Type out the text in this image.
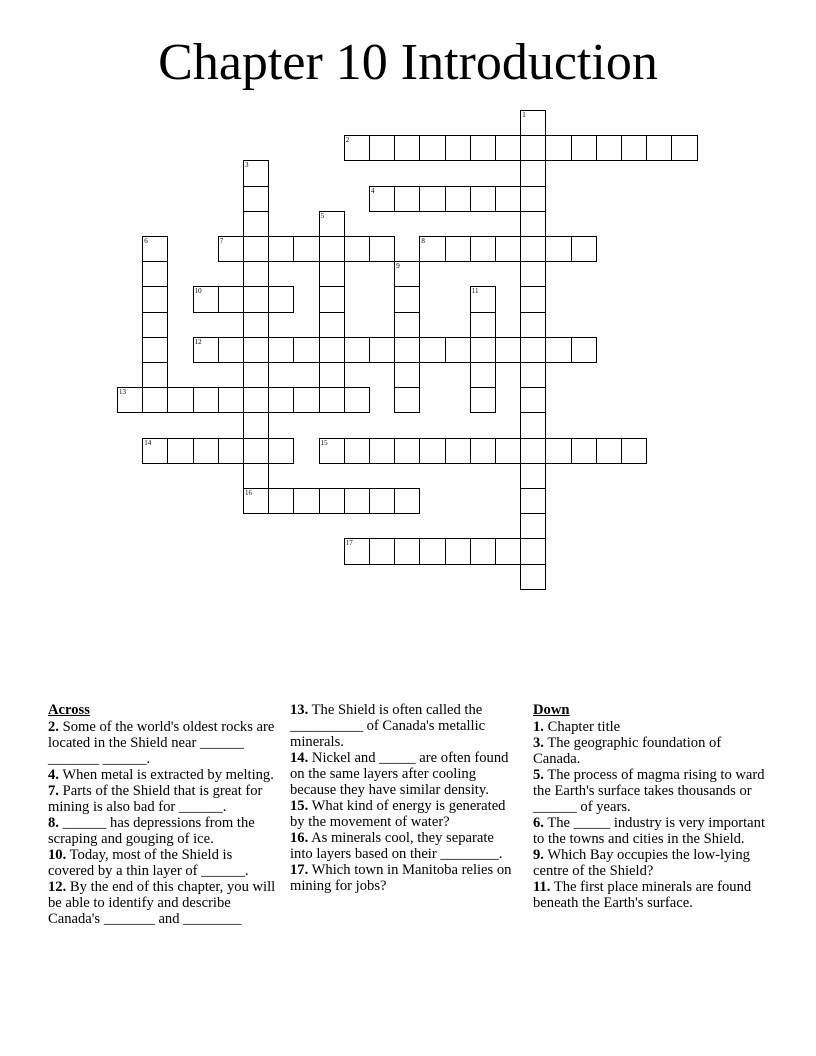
Chapter 10 Introduction
1
2
3
16
4
5
6	7	8
9
10	11
12
13
14	15
17
Across
2. Some of the world's oldest rocks are located in the Shield near ______ _______ ______.
4. When metal is extracted by melting.
7. Parts of the Shield that is great for mining is also bad for ______.
8. ______ has depressions from the scraping and gouging of ice.
10. Today, most of the Shield is covered by a thin layer of ______.
12. By the end of this chapter, you will be able to identify and describe Canada's _______ and ________
13. The Shield is often called the __________ of Canada's metallic minerals.
14. Nickel and _____ are often found on the same layers after cooling because they have similar density.
15. What kind of energy is generated by the movement of water?
16. As minerals cool, they separate into layers based on their ________.
17. Which town in Manitoba relies on mining for jobs?
Down
1. Chapter title
3. The geographic foundation of Canada.
5. The process of magma rising to ward the Earth's surface takes thousands or ______ of years.
6. The _____ industry is very important to the towns and cities in the Shield.
9. Which Bay occupies the low-lying centre of the Shield?
11. The first place minerals are found beneath the Earth's surface.
